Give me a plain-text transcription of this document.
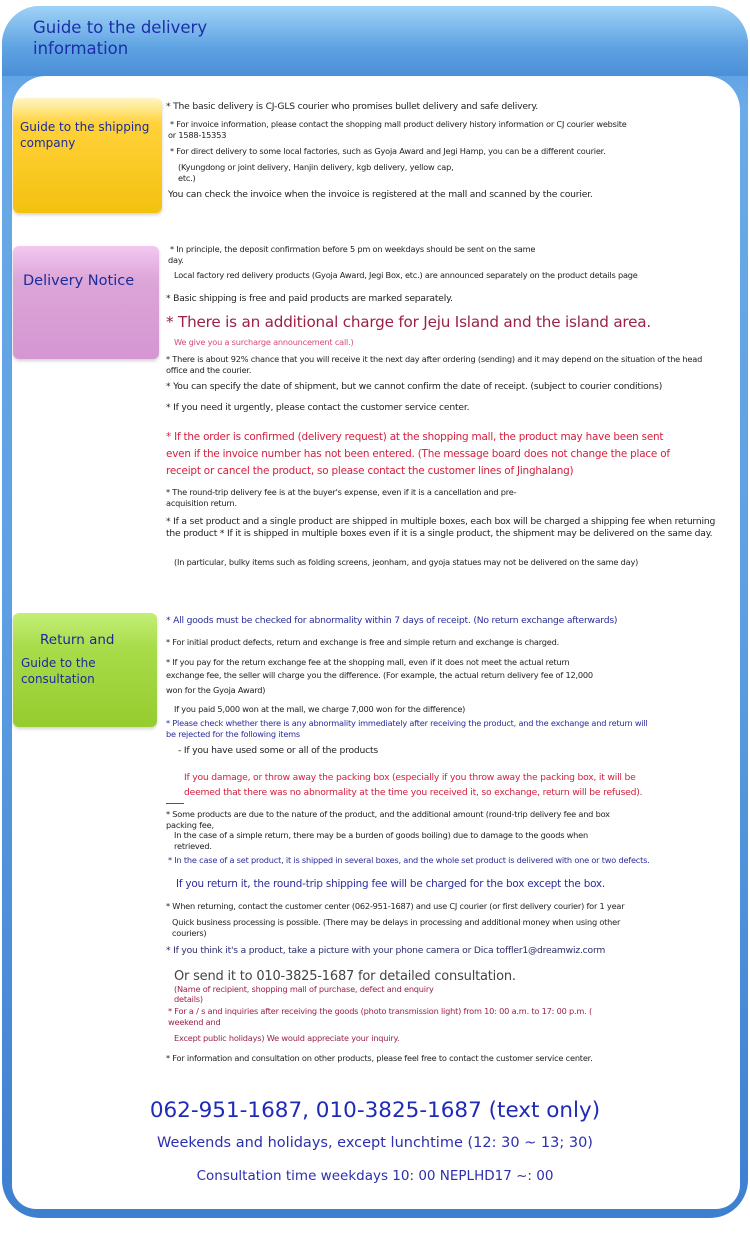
Guide to the delivery information
Guide to the shipping company
Delivery Notice
Return and
Guide to the consultation

* The basic delivery is CJ-GLS courier who promises bullet delivery and safe delivery.

* For invoice information, please contact the shopping mall product delivery history information or CJ courier website

or 1588-15353

* For direct delivery to some local factories, such as Gyoja Award and Jegi Hamp, you can be a different courier.

(Kyungdong or joint delivery, Hanjin delivery, kgb delivery, yellow cap,

etc.)

You can check the invoice when the invoice is registered at the mall and scanned by the courier.

* In principle, the deposit confirmation before 5 pm on weekdays should be sent on the same

day.

Local factory red delivery products (Gyoja Award, Jegi Box, etc.) are announced separately on the product details page

* Basic shipping is free and paid products are marked separately.

* There is an additional charge for Jeju Island and the island area.

We give you a surcharge announcement call.)

* There is about 92% chance that you will receive it the next day after ordering (sending) and it may depend on the situation of the head

office and the courier.

* You can specify the date of shipment, but we cannot confirm the date of receipt. (subject to courier conditions)

* If you need it urgently, please contact the customer service center.

* If the order is confirmed (delivery request) at the shopping mall, the product may have been sent

even if the invoice number has not been entered. (The message board does not change the place of

receipt or cancel the product, so please contact the customer lines of Jinghalang)

* The round-trip delivery fee is at the buyer's expense, even if it is a cancellation and pre-

acquisition return.

* If a set product and a single product are shipped in multiple boxes, each box will be charged a shipping fee when returning

the product * If it is shipped in multiple boxes even if it is a single product, the shipment may be delivered on the same day.

(In particular, bulky items such as folding screens, jeonham, and gyoja statues may not be delivered on the same day)

* All goods must be checked for abnormality within 7 days of receipt. (No return exchange afterwards)

* For initial product defects, return and exchange is free and simple return and exchange is charged.

* If you pay for the return exchange fee at the shopping mall, even if it does not meet the actual return

exchange fee, the seller will charge you the difference. (For example, the actual return delivery fee of 12,000

won for the Gyoja Award)

If you paid 5,000 won at the mall, we charge 7,000 won for the difference)

* Please check whether there is any abnormality immediately after receiving the product, and the exchange and return will

be rejected for the following items

- If you have used some or all of the products

If you damage, or throw away the packing box (especially if you throw away the packing box, it will be

deemed that there was no abnormality at the time you received it, so exchange, return will be refused).

* Some products are due to the nature of the product, and the additional amount (round-trip delivery fee and box

packing fee,

In the case of a simple return, there may be a burden of goods boiling) due to damage to the goods when

retrieved.

* In the case of a set product, it is shipped in several boxes, and the whole set product is delivered with one or two defects.

If you return it, the round-trip shipping fee will be charged for the box except the box.

* When returning, contact the customer center (062-951-1687) and use CJ courier (or first delivery courier) for 1 year

Quick business processing is possible. (There may be delays in processing and additional money when using other

couriers)

* If you think it's a product, take a picture with your phone camera or Dica toffler1@dreamwiz.corm

Or send it to 010-3825-1687 for detailed consultation.

(Name of recipient, shopping mall of purchase, defect and enquiry

details)

* For a / s and inquiries after receiving the goods (photo transmission light) from 10: 00 a.m. to 17: 00 p.m. (

weekend and

Except public holidays) We would appreciate your inquiry.

* For information and consultation on other products, please feel free to contact the customer service center.

062-951-1687, 010-3825-1687 (text only)
Weekends and holidays, except lunchtime (12: 30 ~ 13; 30)
Consultation time weekdays 10: 00 NEPLHD17 ~: 00
